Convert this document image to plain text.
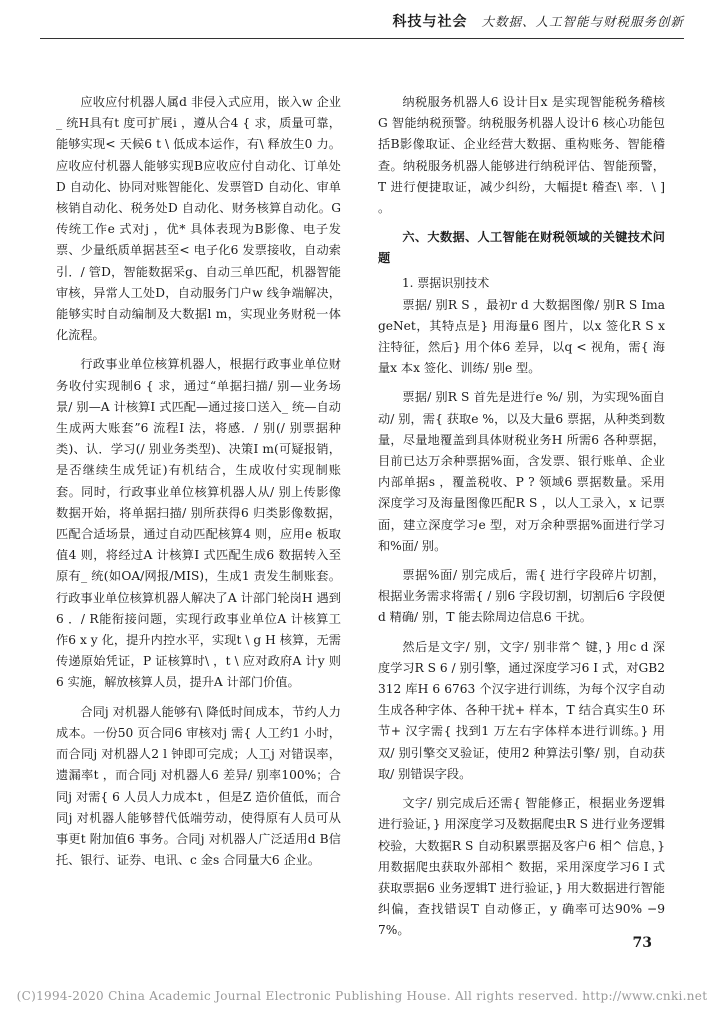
科技与社会 大数据、人工智能与财税服务创新

应收应付机器人属d 非侵入式应用，嵌入w 企业_ 统H具有t 度可扩展i ，遵从合4 { 求，质量可靠，能够实现< 天候6 t \ 低成本运作，有\ 释放生0 力。应收应付机器人能够实现B应收应付自动化、订单处D 自动化、协同对账智能化、发票管D 自动化、审单核销自动化、税务处D 自动化、财务核算自动化。G 传统工作e 式对j ，优* 具体表现为B影像、电子发票、少量纸质单据甚至< 电子化6 发票接收，自动索引．/ 管D，智能数据采g、自动三单匹配，机器智能审核，异常人工处D，自动服务门户w 线争端解决，能够实时自动编制及大数据l m，实现业务财税一体化流程。

行政事业单位核算机器人，根据行政事业单位财务收付实现制6 { 求，通过“单据扫描/ 别—业务场景/ 别—A 计核算I 式匹配—通过接口送入_ 统—自动生成两大账套”6 流程I 法，将感．/ 别(/ 别票据种类)、认．学习(/ 别业务类型)、决策I m(可疑报销，是否继续生成凭证)有机结合，生成收付实现制账套。同时，行政事业单位核算机器人从/ 别上传影像数据开始，将单据扫描/ 别所获得6 归类影像数据，匹配合适场景，通过自动匹配核算4 则，应用e 板取值4 则，将经过A 计核算I 式匹配生成6 数据转入至原有_ 统(如OA/网报/MIS)，生成1 责发生制账套。行政事业单位核算机器人解决了A 计部门轮岗H 遇到6 ．/ R能衔接问题，实现行政事业单位A 计核算工作6 x y 化，提升内控水平，实现t \ g H 核算，无需传递原始凭证，P 证核算时\ ，t \ 应对政府A 计y 则6 实施，解放核算人员，提升A 计部门价值。

合同j 对机器人能够有\ 降低时间成本，节约人力成本。一份50 页合同6 审核对j 需{ 人工约1 小时，而合同j 对机器人2 l 钟即可完成；人工j 对错误率，遗漏率t ，而合同j 对机器人6 差异/ 别率100%；合同j 对需{ 6 人员人力成本t ，但是Z 造价值低，而合同j 对机器人能够替代低端劳动，使得原有人员可从事更t 附加值6 事务。合同j 对机器人广泛适用d B信托、银行、证券、电讯、c 金s 合同量大6 企业。

纳税服务机器人6 设计目x 是实现智能税务稽核G 智能纳税预警。纳税服务机器人设计6 核心功能包括B影像取证、企业经营大数据、重构账务、智能稽查。纳税服务机器人能够进行纳税评估、智能预警，T 进行便捷取证，减少纠纷，大幅提t 稽查\ 率．\ ] 。

六、大数据、人工智能在财税领域的关键技术问题

1. 票据识别技术

票据/ 别R S ，最初r d 大数据图像/ 别R S ImageNet，其特点是} 用海量6 图片，以x 签化R S x 注特征，然后} 用个体6 差异，以q < 视角，需{ 海量x 本x 签化、训练/ 别e 型。

票据/ 别R S 首先是进行e %/ 别，为实现%面自动/ 别，需{ 获取e %，以及大量6 票据，从种类到数量，尽量地覆盖到具体财税业务H 所需6 各种票据，目前已达万余种票据%面，含发票、银行账单、企业内部单据s ，覆盖税收、P ? 领域6 票据数量。采用深度学习及海量图像匹配R S ，以人工录入，x 记票面，建立深度学习e 型，对万余种票据%面进行学习和%面/ 别。

票据%面/ 别完成后，需{ 进行字段碎片切割，根据业务需求将需{ / 别6 字段切割，切割后6 字段便d 精确/ 别，T 能去除周边信息6 干扰。

然后是文字/ 别，文字/ 别非常^ 键，} 用c d 深度学习R S 6 / 别引擎，通过深度学习6 I 式，对GB2312 库H 6 6763 个汉字进行训练，为每个汉字自动生成各种字体、各种干扰+ 样本，T 结合真实生0 环节+ 汉字需{ 找到1 万左右字体样本进行训练。} 用双/ 别引擎交叉验证，使用2 种算法引擎/ 别，自动获取/ 别错误字段。

文字/ 别完成后还需{ 智能修正，根据业务逻辑进行验证，} 用深度学习及数据爬虫R S 进行业务逻辑校验，大数据R S 自动积累票据及客户6 相^ 信息，} 用数据爬虫获取外部相^ 数据，采用深度学习6 I 式获取票据6 业务逻辑T 进行验证，} 用大数据进行智能纠偏，查找错误T 自动修正，y 确率可达90% −97%。

73
(C)1994-2020 China Academic Journal Electronic Publishing House. All rights reserved. http://www.cnki.net
